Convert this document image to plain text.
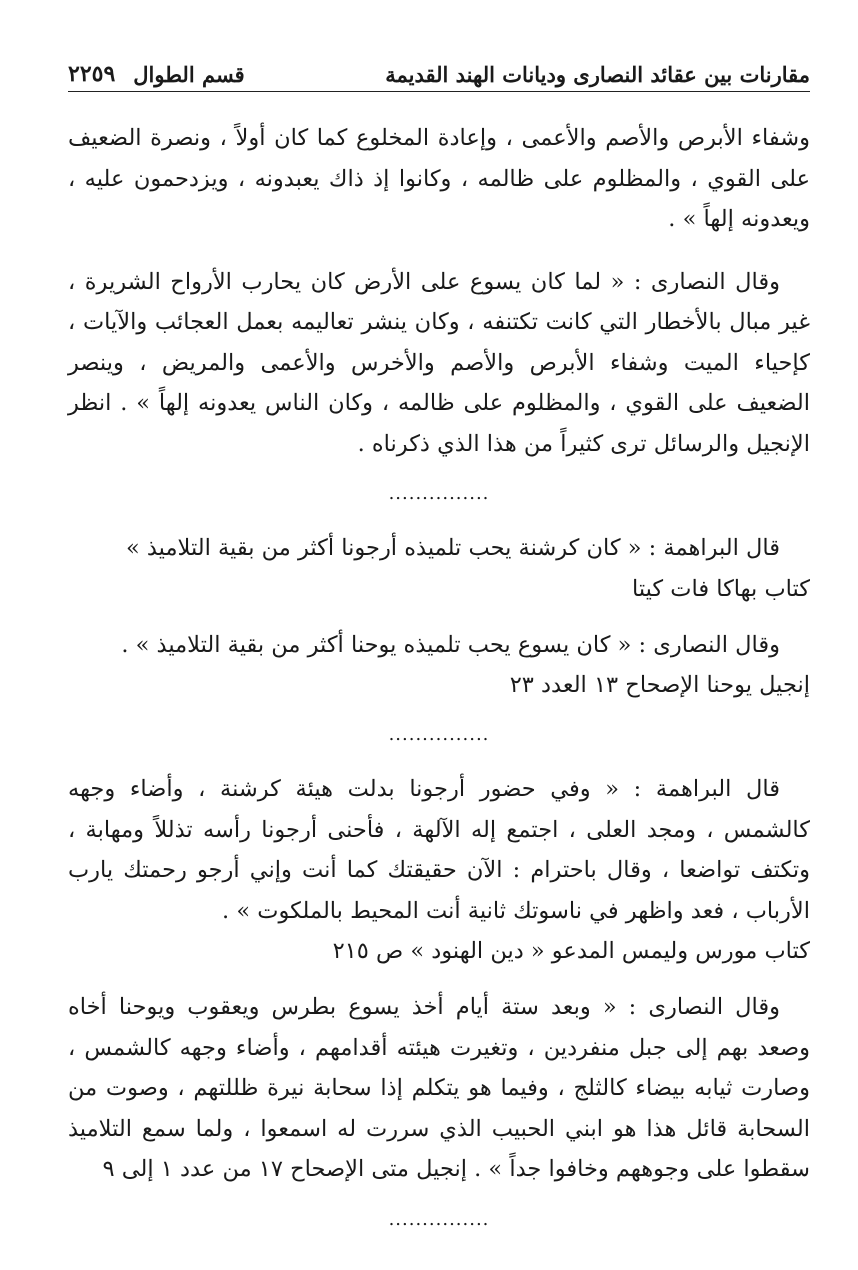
مقارنات بين عقائد النصارى وديانات الهند القديمة
قسم الطوال
٢٢٥٩

وشفاء الأبرص والأصم والأعمى ، وإعادة المخلوع كما كان أولاً ، ونصرة الضعيف على القوي ، والمظلوم على ظالمه ، وكانوا إذ ذاك يعبدونه ، ويزدحمون عليه ، ويعدونه إلهاً » .

وقال النصارى : « لما كان يسوع على الأرض كان يحارب الأرواح الشريرة ، غير مبال بالأخطار التي كانت تكتنفه ، وكان ينشر تعاليمه بعمل العجائب والآيات ، كإحياء الميت وشفاء الأبرص والأصم والأخرس والأعمى والمريض ، وينصر الضعيف على القوي ، والمظلوم على ظالمه ، وكان الناس يعدونه إلهاً » . انظر الإنجيل والرسائل ترى كثيراً من هذا الذي ذكرناه .

...............

قال البراهمة : « كان كرشنة يحب تلميذه أرجونا أكثر من بقية التلاميذ »

كتاب بهاكا فات كيتا

وقال النصارى : « كان يسوع يحب تلميذه يوحنا أكثر من بقية التلاميذ » .

إنجيل يوحنا الإصحاح ١٣ العدد ٢٣

...............

قال البراهمة : « وفي حضور أرجونا بدلت هيئة كرشنة ، وأضاء وجهه كالشمس ، ومجد العلى ، اجتمع إله الآلهة ، فأحنى أرجونا رأسه تذللاً ومهابة ، وتكتف تواضعا ، وقال باحترام : الآن حقيقتك كما أنت وإني أرجو رحمتك يارب الأرباب ، فعد واظهر في ناسوتك ثانية أنت المحيط بالملكوت » .

كتاب مورس وليمس المدعو « دين الهنود » ص ٢١٥

وقال النصارى : « وبعد ستة أيام أخذ يسوع بطرس ويعقوب ويوحنا أخاه وصعد بهم إلى جبل منفردين ، وتغيرت هيئته أقدامهم ، وأضاء وجهه كالشمس ، وصارت ثيابه بيضاء كالثلج ، وفيما هو يتكلم إذا سحابة نيرة ظللتهم ، وصوت من السحابة قائل هذا هو ابني الحبيب الذي سررت له اسمعوا ، ولما سمع التلاميذ سقطوا على وجوههم وخافوا جداً » . إنجيل متى الإصحاح ١٧ من عدد ١ إلى ٩

...............
